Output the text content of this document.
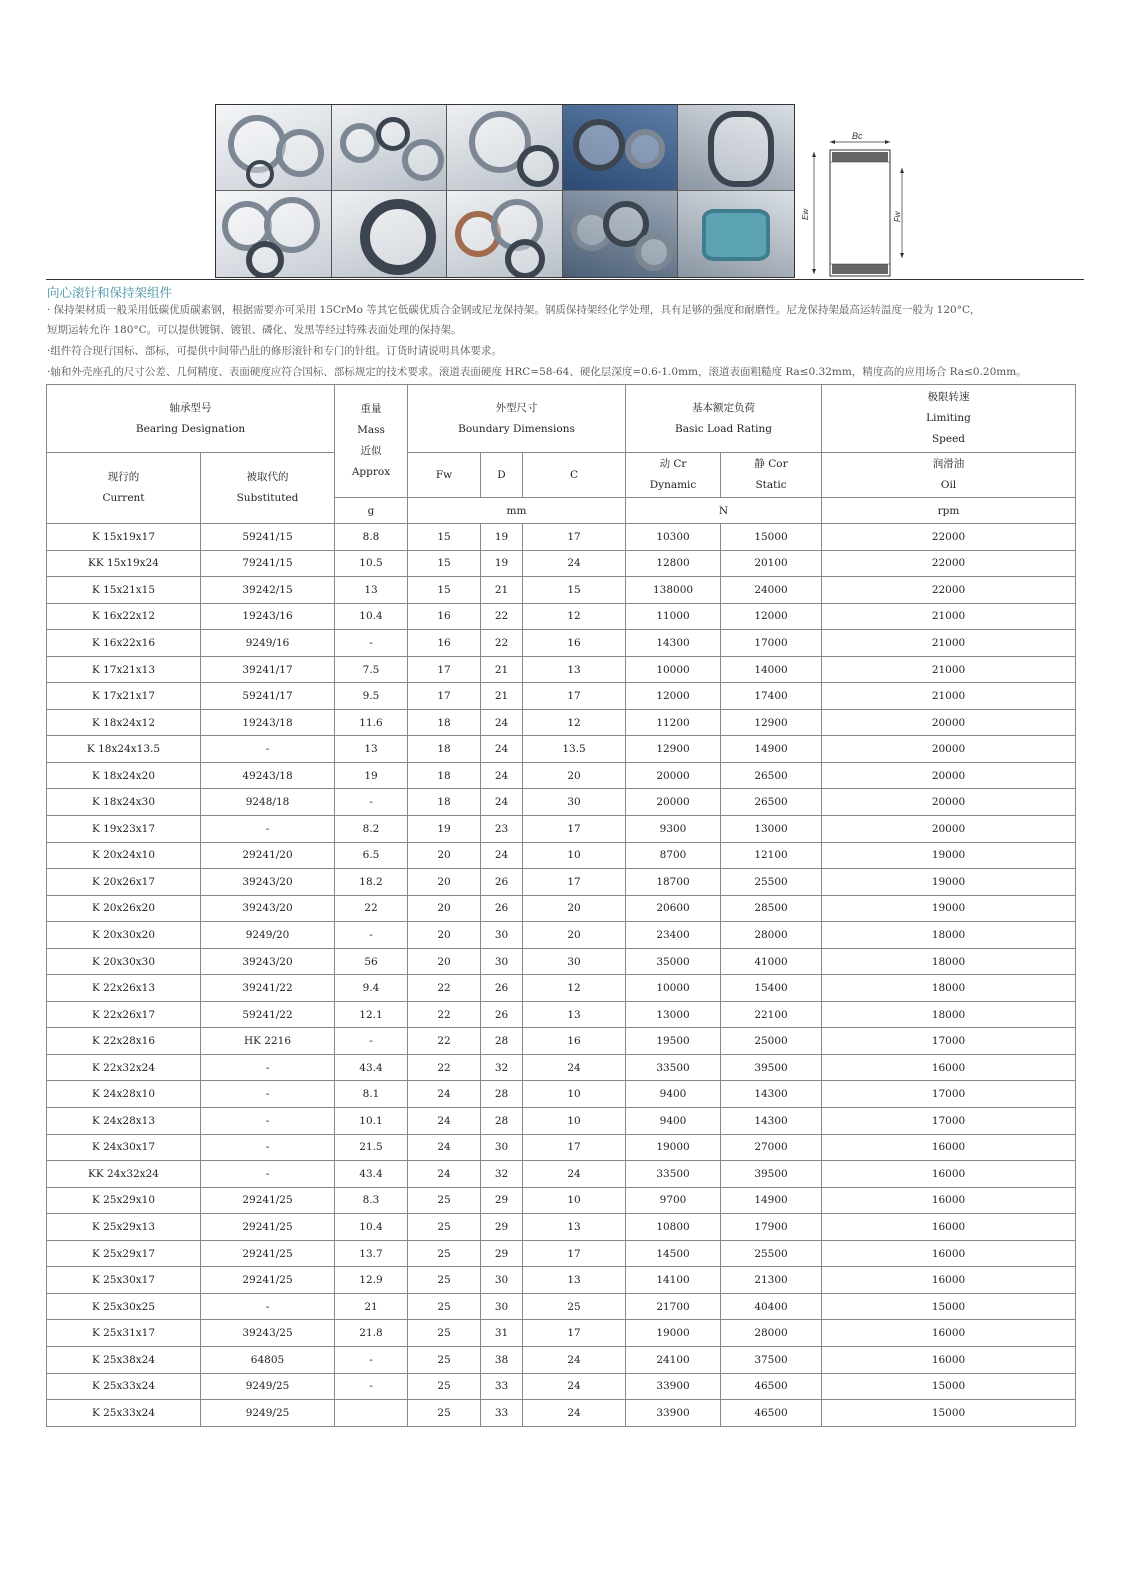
Bc
Ew	Fw
向心滚针和保持架组件
· 保持架材质一般采用低碳优质碳素钢，根据需要亦可采用 15CrMo 等其它低碳优质合金钢或尼龙保持架。钢质保持架经化学处理，具有足够的强度和耐磨性。尼龙保持架最高运转温度一般为 120°C，
短期运转允许 180°C。可以提供镀铜、镀银、磷化、发黑等经过特殊表面处理的保持架。
·组件符合现行国标、部标，可提供中间带凸肚的修形滚针和专门的针组。订货时请说明具体要求。
·轴和外壳座孔的尺寸公差、几何精度、表面硬度应符合国标、部标规定的技术要求。滚道表面硬度 HRC=58-64、硬化层深度=0.6-1.0mm，滚道表面粗糙度 Ra≤0.32mm，精度高的应用场合 Ra≤0.20mm。
轴承型号
Bearing Designation		重量
Mass
近似
Approx	外型尺寸
Boundary Dimensions			基本额定负荷
Basic Load Rating		极限转速
Limiting
Speed
现行的
Current	被取代的
Substituted		Fw	D	C	动 Cr
Dynamic	静 Cor
Static	润滑油
Oil
		g	mm			N		rpm
K 15x19x17	59241/15	8.8	15	19	17	10300	15000	22000
KK 15x19x24	79241/15	10.5	15	19	24	12800	20100	22000
K 15x21x15	39242/15	13	15	21	15	138000	24000	22000
K 16x22x12	19243/16	10.4	16	22	12	11000	12000	21000
K 16x22x16	9249/16	-	16	22	16	14300	17000	21000
K 17x21x13	39241/17	7.5	17	21	13	10000	14000	21000
K 17x21x17	59241/17	9.5	17	21	17	12000	17400	21000
K 18x24x12	19243/18	11.6	18	24	12	11200	12900	20000
K 18x24x13.5	-	13	18	24	13.5	12900	14900	20000
K 18x24x20	49243/18	19	18	24	20	20000	26500	20000
K 18x24x30	9248/18	-	18	24	30	20000	26500	20000
K 19x23x17	-	8.2	19	23	17	9300	13000	20000
K 20x24x10	29241/20	6.5	20	24	10	8700	12100	19000
K 20x26x17	39243/20	18.2	20	26	17	18700	25500	19000
K 20x26x20	39243/20	22	20	26	20	20600	28500	19000
K 20x30x20	9249/20	-	20	30	20	23400	28000	18000
K 20x30x30	39243/20	56	20	30	30	35000	41000	18000
K 22x26x13	39241/22	9.4	22	26	12	10000	15400	18000
K 22x26x17	59241/22	12.1	22	26	13	13000	22100	18000
K 22x28x16	HK 2216	-	22	28	16	19500	25000	17000
K 22x32x24	-	43.4	22	32	24	33500	39500	16000
K 24x28x10	-	8.1	24	28	10	9400	14300	17000
K 24x28x13	-	10.1	24	28	10	9400	14300	17000
K 24x30x17	-	21.5	24	30	17	19000	27000	16000
KK 24x32x24	-	43.4	24	32	24	33500	39500	16000
K 25x29x10	29241/25	8.3	25	29	10	9700	14900	16000
K 25x29x13	29241/25	10.4	25	29	13	10800	17900	16000
K 25x29x17	29241/25	13.7	25	29	17	14500	25500	16000
K 25x30x17	29241/25	12.9	25	30	13	14100	21300	16000
K 25x30x25	-	21	25	30	25	21700	40400	15000
K 25x31x17	39243/25	21.8	25	31	17	19000	28000	16000
K 25x38x24	64805	-	25	38	24	24100	37500	16000
K 25x33x24	9249/25	-	25	33	24	33900	46500	15000
K 25x33x24	9249/25		25	33	24	33900	46500	15000
